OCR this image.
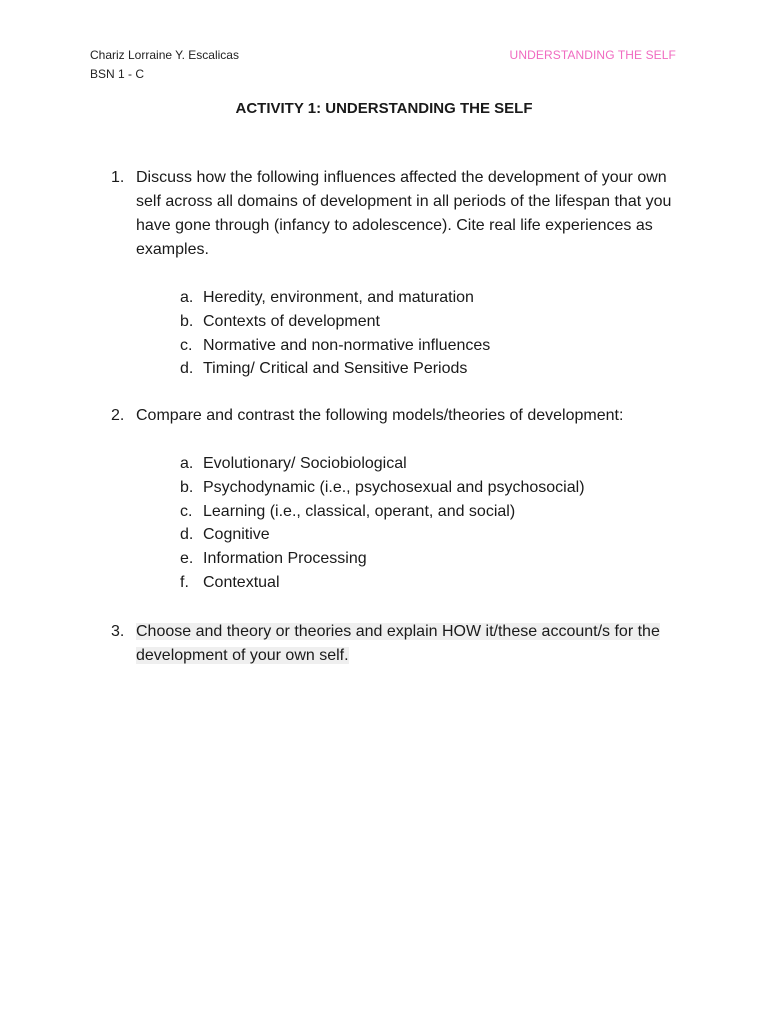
Chariz Lorraine Y. Escalicas
BSN 1 - C
UNDERSTANDING THE SELF
ACTIVITY 1: UNDERSTANDING THE SELF
1. Discuss how the following influences affected the development of your own self across all domains of development in all periods of the lifespan that you have gone through (infancy to adolescence). Cite real life experiences as examples.
a. Heredity, environment, and maturation
b. Contexts of development
c. Normative and non-normative influences
d. Timing/ Critical and Sensitive Periods
2. Compare and contrast the following models/theories of development:
a. Evolutionary/ Sociobiological
b. Psychodynamic (i.e., psychosexual and psychosocial)
c. Learning (i.e., classical, operant, and social)
d. Cognitive
e. Information Processing
f. Contextual
3. Choose and theory or theories and explain HOW it/these account/s for the development of your own self.
